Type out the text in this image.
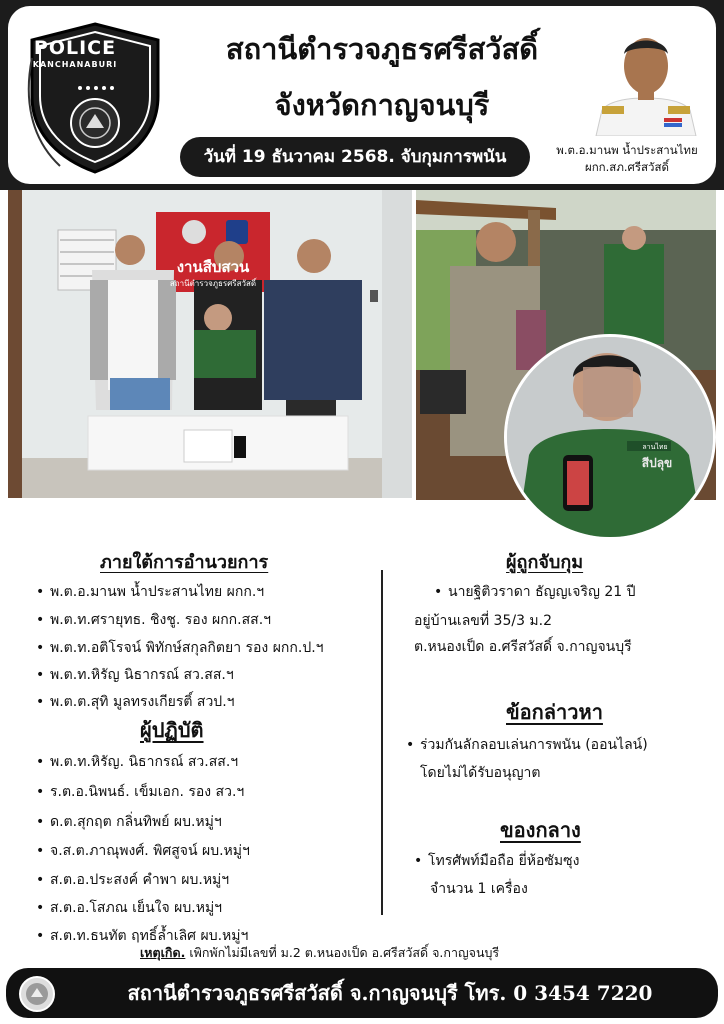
POLICE
KANCHANABURI	สถานีตำรวจภูธรศรีสวัสดิ์
จังหวัดกาญจนบุรี
วันที่ 19 ธันวาคม 2568. จับกุมการพนัน	พ.ต.อ.มานพ น้ำประสานไทย
ผกก.สภ.ศรีสวัสดิ์
งานสืบสวน
สถานีตำรวจภูธรศรีสวัสดิ์
ลานไทย
สีปลุข
ภายใต้การอำนวยการ
• พ.ต.อ.มานพ น้ำประสานไทย ผกก.ฯ
• พ.ต.ท.ศรายุทธ. ชิงชู. รอง ผกก.สส.ฯ
• พ.ต.ท.อติโรจน์ พิทักษ์สกุลกิตยา รอง ผกก.ป.ฯ
• พ.ต.ท.หิรัญ นิธากรณ์ สว.สส.ฯ
• พ.ต.ต.สุทิ มูลทรงเกียรติ์ สวป.ฯ
ผู้ปฏิบัติ
• พ.ต.ท.หิรัญ. นิธากรณ์ สว.สส.ฯ
• ร.ต.อ.นิพนธ์. เข็มเอก. รอง สว.ฯ
• ด.ต.สุกฤต กลิ่นทิพย์ ผบ.หมู่ฯ
• จ.ส.ต.ภาณุพงศ์. พิศสูจน์ ผบ.หมู่ฯ
• ส.ต.อ.ประสงค์ คำพา ผบ.หมู่ฯ
• ส.ต.อ.โสภณ เย็นใจ ผบ.หมู่ฯ
• ส.ต.ท.ธนทัต ฤทธิ์ล้ำเลิศ ผบ.หมู่ฯ
ผู้ถูกจับกุม
• นายฐิติวราดา ธัญญเจริญ 21 ปี
อยู่บ้านเลขที่ 35/3 ม.2
ต.หนองเป็ด อ.ศรีสวัสดิ์ จ.กาญจนบุรี
ข้อกล่าวหา
• ร่วมกันลักลอบเล่นการพนัน (ออนไลน์)
โดยไม่ได้รับอนุญาต
ของกลาง
• โทรศัพท์มือถือ ยี่ห้อซัมซุง
จำนวน 1 เครื่อง
เหตุเกิด. เพิกพักไม่มีเลขที่ ม.2 ต.หนองเป็ด อ.ศรีสวัสดิ์ จ.กาญจนบุรี
สถานีตำรวจภูธรศรีสวัสดิ์ จ.กาญจนบุรี โทร. 0 3454 7220
